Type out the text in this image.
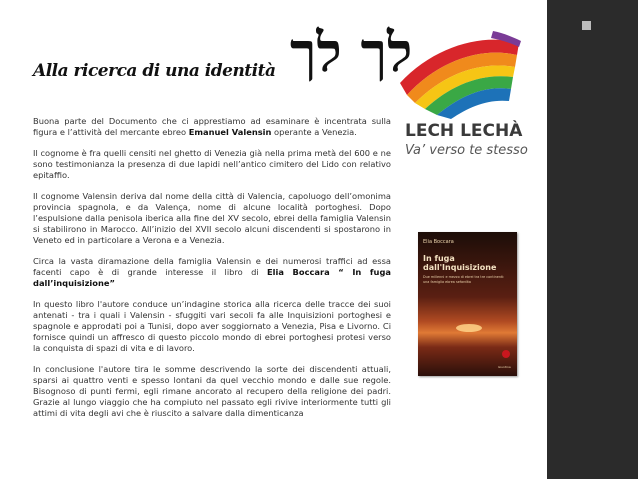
Alla ricerca di una identità לך לך
LECH LECHÀ
Va’ verso te stesso

Buona parte del Documento che ci apprestiamo ad esaminare è incentrata sulla figura e l’attività del mercante ebreo Emanuel Valensin operante a Venezia.

Il cognome è fra quelli censiti nel ghetto di Venezia già nella prima metà del 600 e ne sono testimonianza la presenza di due lapidi nell’antico cimitero del Lido con relativo epitaffio.

Il cognome Valensin deriva dal nome della città di Valencia, capoluogo dell’omonima provincia spagnola, e da Valença, nome di alcune località portoghesi. Dopo l’espulsione dalla penisola iberica alla fine del XV secolo, ebrei della famiglia Valensin si stabilirono in Marocco. All’inizio del XVII secolo alcuni discendenti si spostarono in Veneto ed in particolare a Verona e a Venezia.

Circa la vasta diramazione della famiglia Valensin e dei numerosi traffici ad essa facenti capo è di grande interesse il libro di Elia Boccara “ In fuga dall’inquisizione”

In questo libro l'autore conduce un’indagine storica alla ricerca delle tracce dei suoi antenati - tra i quali i Valensin - sfuggiti vari secoli fa alle Inquisizioni portoghesi e spagnole e approdati poi a Tunisi, dopo aver soggiornato a Venezia, Pisa e Livorno. Ci fornisce quindi un affresco di questo piccolo mondo di ebrei portoghesi protesi verso la conquista di spazi di vita e di lavoro.

In conclusione l'autore tira le somme descrivendo la sorte dei discendenti attuali, sparsi ai quattro venti e spesso lontani da quel vecchio mondo e dalle sue regole. Bisognoso di punti fermi, egli rimane ancorato al recupero della religione dei padri. Grazie al lungo viaggio che ha compiuto nel passato egli rivive interiormente tutti gli attimi di vita degli avi che è riuscito a salvare dalla dimenticanza

Elia Boccara
In fuga
dall'Inquisizione
Due millenni e mezzo di ebrei tra tre continenti: una famiglia ebrea sefardita
Giuntina
